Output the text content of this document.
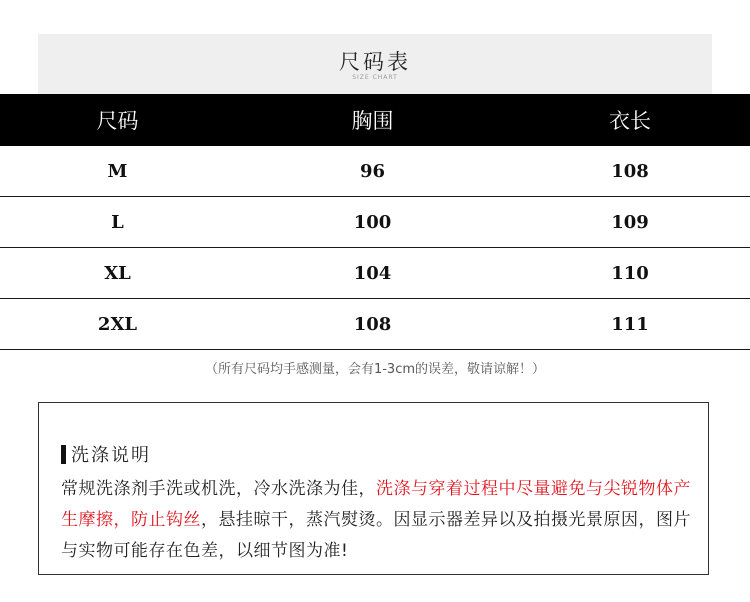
尺码表
SIZE CHART
尺码	胸围	衣长
M	96	108
L	100	109
XL	104	110
2XL	108	111
（所有尺码均手感测量，会有1-3cm的误差，敬请谅解！）
洗涤说明
常规洗涤剂手洗或机洗，冷水洗涤为佳，洗涤与穿着过程中尽量避免与尖锐物体产生摩擦，防止钩丝，悬挂晾干，蒸汽熨烫。因显示器差异以及拍摄光景原因，图片与实物可能存在色差，以细节图为准!
